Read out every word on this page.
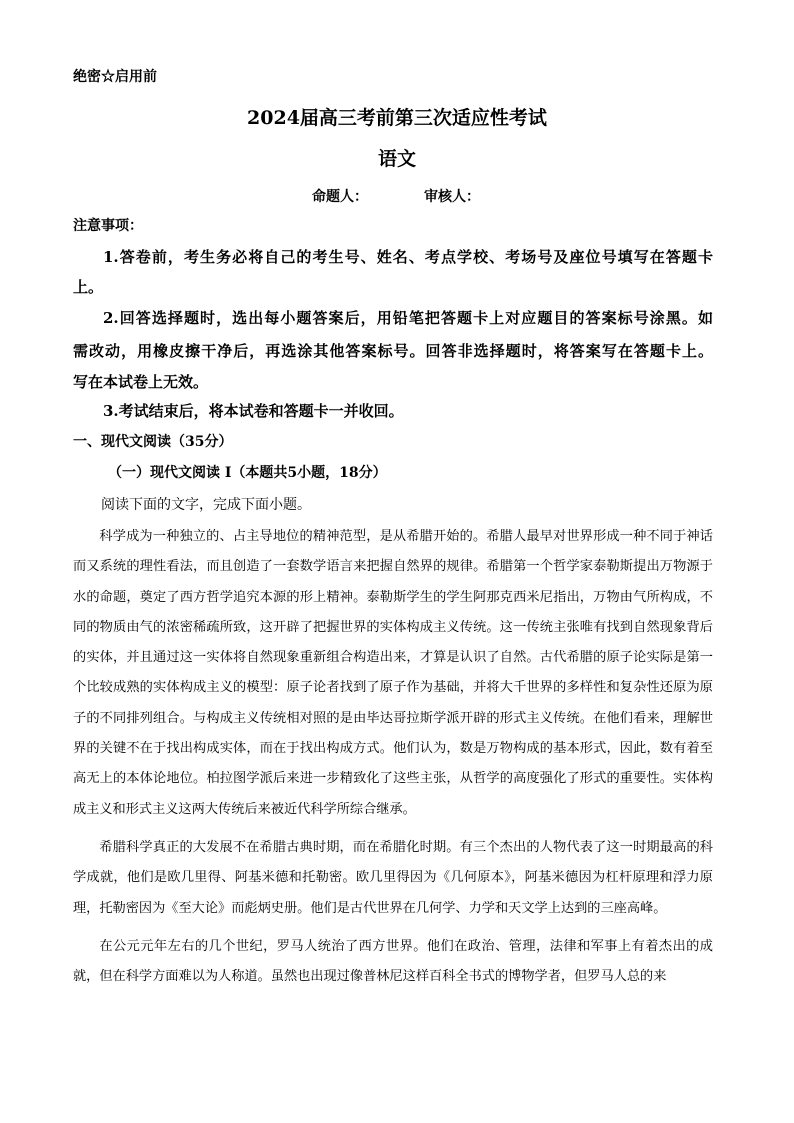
绝密☆启用前
2024届高三考前第三次适应性考试
语文
命题人：	审核人：
注意事项：
1.答卷前，考生务必将自己的考生号、姓名、考点学校、考场号及座位号填写在答题卡
上。
2.回答选择题时，选出每小题答案后，用铅笔把答题卡上对应题目的答案标号涂黑。如
需改动，用橡皮擦干净后，再选涂其他答案标号。回答非选择题时，将答案写在答题卡上。
写在本试卷上无效。
3.考试结束后，将本试卷和答题卡一并收回。
一、现代文阅读（35分）
（一）现代文阅读 I（本题共5小题，18分）
阅读下面的文字，完成下面小题。

科学成为一种独立的、占主导地位的精神范型，是从希腊开始的。希腊人最早对世界形成一种不同于神话而又系统的理性看法，而且创造了一套数学语言来把握自然界的规律。希腊第一个哲学家泰勒斯提出万物源于水的命题，奠定了西方哲学追究本源的形上精神。泰勒斯学生的学生阿那克西米尼指出，万物由气所构成，不同的物质由气的浓密稀疏所致，这开辟了把握世界的实体构成主义传统。这一传统主张唯有找到自然现象背后的实体，并且通过这一实体将自然现象重新组合构造出来，才算是认识了自然。古代希腊的原子论实际是第一个比较成熟的实体构成主义的模型：原子论者找到了原子作为基础，并将大千世界的多样性和复杂性还原为原子的不同排列组合。与构成主义传统相对照的是由毕达哥拉斯学派开辟的形式主义传统。在他们看来，理解世界的关键不在于找出构成实体，而在于找出构成方式。他们认为，数是万物构成的基本形式，因此，数有着至高无上的本体论地位。柏拉图学派后来进一步精致化了这些主张，从哲学的高度强化了形式的重要性。实体构成主义和形式主义这两大传统后来被近代科学所综合继承。

希腊科学真正的大发展不在希腊古典时期，而在希腊化时期。有三个杰出的人物代表了这一时期最高的科学成就，他们是欧几里得、阿基米德和托勒密。欧几里得因为《几何原本》，阿基米德因为杠杆原理和浮力原理，托勒密因为《至大论》而彪炳史册。他们是古代世界在几何学、力学和天文学上达到的三座高峰。

在公元元年左右的几个世纪，罗马人统治了西方世界。他们在政治、管理，法律和军事上有着杰出的成就，但在科学方面难以为人称道。虽然也出现过像普林尼这样百科全书式的博物学者，但罗马人总的来
